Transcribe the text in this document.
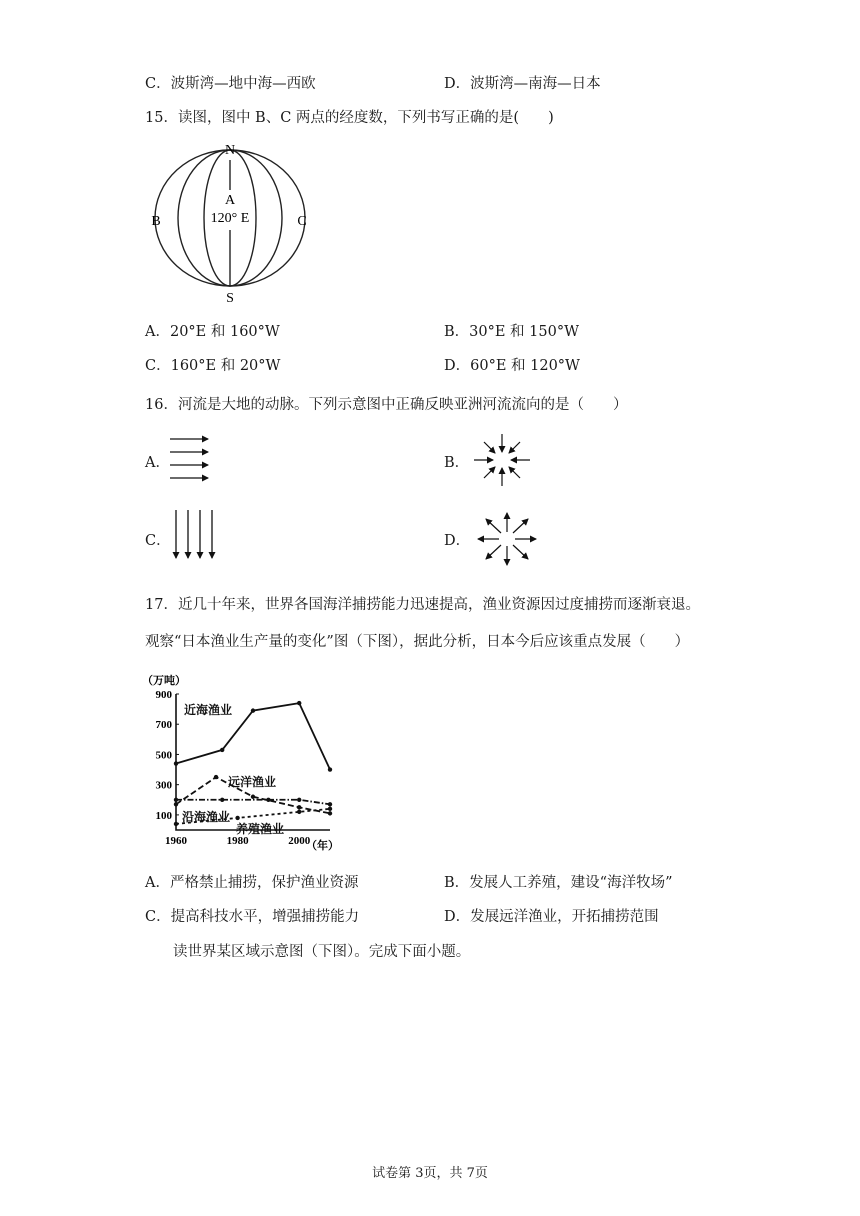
C．波斯湾—地中海—西欧	D．波斯湾—南海—日本
15．读图，图中 B、C 两点的经度数，下列书写正确的是(　　)
N
S
A
120° E
B	C
A．20°E 和 160°W	B．30°E 和 150°W
C．160°E 和 20°W	D．60°E 和 120°W
16．河流是大地的动脉。下列示意图中正确反映亚洲河流流向的是（　　）
A．	B．
C．	D．
17．近几十年来，世界各国海洋捕捞能力迅速提高，渔业资源因过度捕捞而逐渐衰退。
观察“日本渔业生产量的变化”图（下图），据此分析，日本今后应该重点发展（　　）
（万吨）
（年）
100
300
500
700
900
1960	1980	2000
近海渔业
远洋渔业
沿海渔业
养殖渔业
A．严格禁止捕捞，保护渔业资源	B．发展人工养殖，建设“海洋牧场”
C．提高科技水平，增强捕捞能力	D．发展远洋渔业，开拓捕捞范围
读世界某区域示意图（下图）。完成下面小题。
试卷第 3页，共 7页
